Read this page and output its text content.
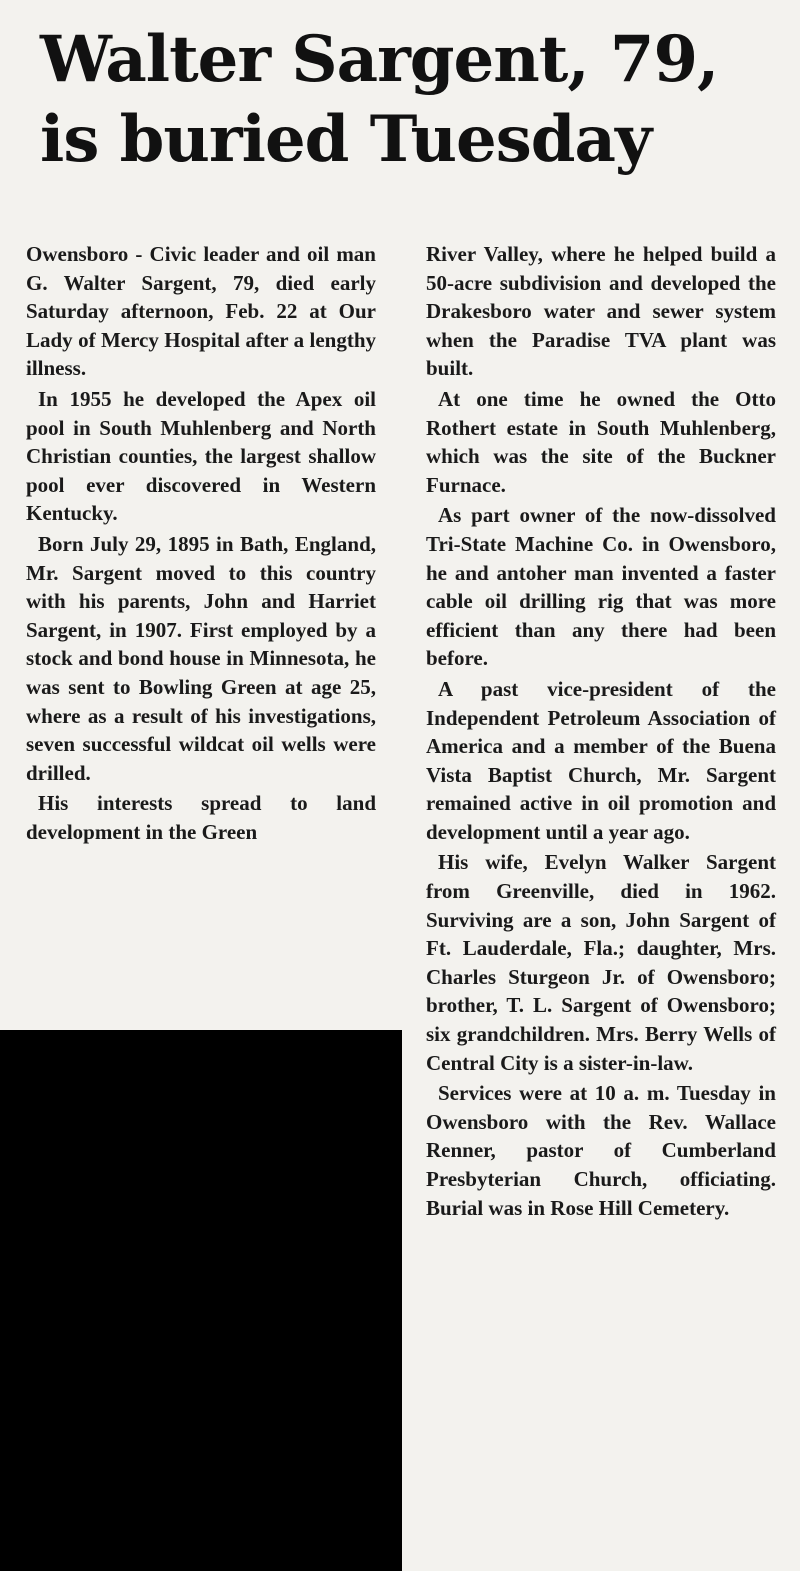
Walter Sargent, 79,
is buried Tuesday

Owensboro - Civic leader and oil man G. Walter Sargent, 79, died early Saturday afternoon, Feb. 22 at Our Lady of Mercy Hospital after a lengthy illness.

In 1955 he developed the Apex oil pool in South Muhlenberg and North Christian counties, the largest shallow pool ever discovered in Western Kentucky.

Born July 29, 1895 in Bath, England, Mr. Sargent moved to this country with his parents, John and Harriet Sargent, in 1907. First employed by a stock and bond house in Minnesota, he was sent to Bowling Green at age 25, where as a result of his investigations, seven successful wildcat oil wells were drilled.

His interests spread to land development in the Green

River Valley, where he helped build a 50-acre subdivision and developed the Drakesboro water and sewer system when the Paradise TVA plant was built.

At one time he owned the Otto Rothert estate in South Muhlenberg, which was the site of the Buckner Furnace.

As part owner of the now-dissolved Tri-State Machine Co. in Owensboro, he and antoher man invented a faster cable oil drilling rig that was more efficient than any there had been before.

A past vice-president of the Independent Petroleum Association of America and a member of the Buena Vista Baptist Church, Mr. Sargent remained active in oil promotion and development until a year ago.

His wife, Evelyn Walker Sargent from Greenville, died in 1962. Surviving are a son, John Sargent of Ft. Lauderdale, Fla.; daughter, Mrs. Charles Sturgeon Jr. of Owensboro; brother, T. L. Sargent of Owensboro; six grandchildren. Mrs. Berry Wells of Central City is a sister-in-law.

Services were at 10 a. m. Tuesday in Owensboro with the Rev. Wallace Renner, pastor of Cumberland Presbyterian Church, officiating. Burial was in Rose Hill Cemetery.
